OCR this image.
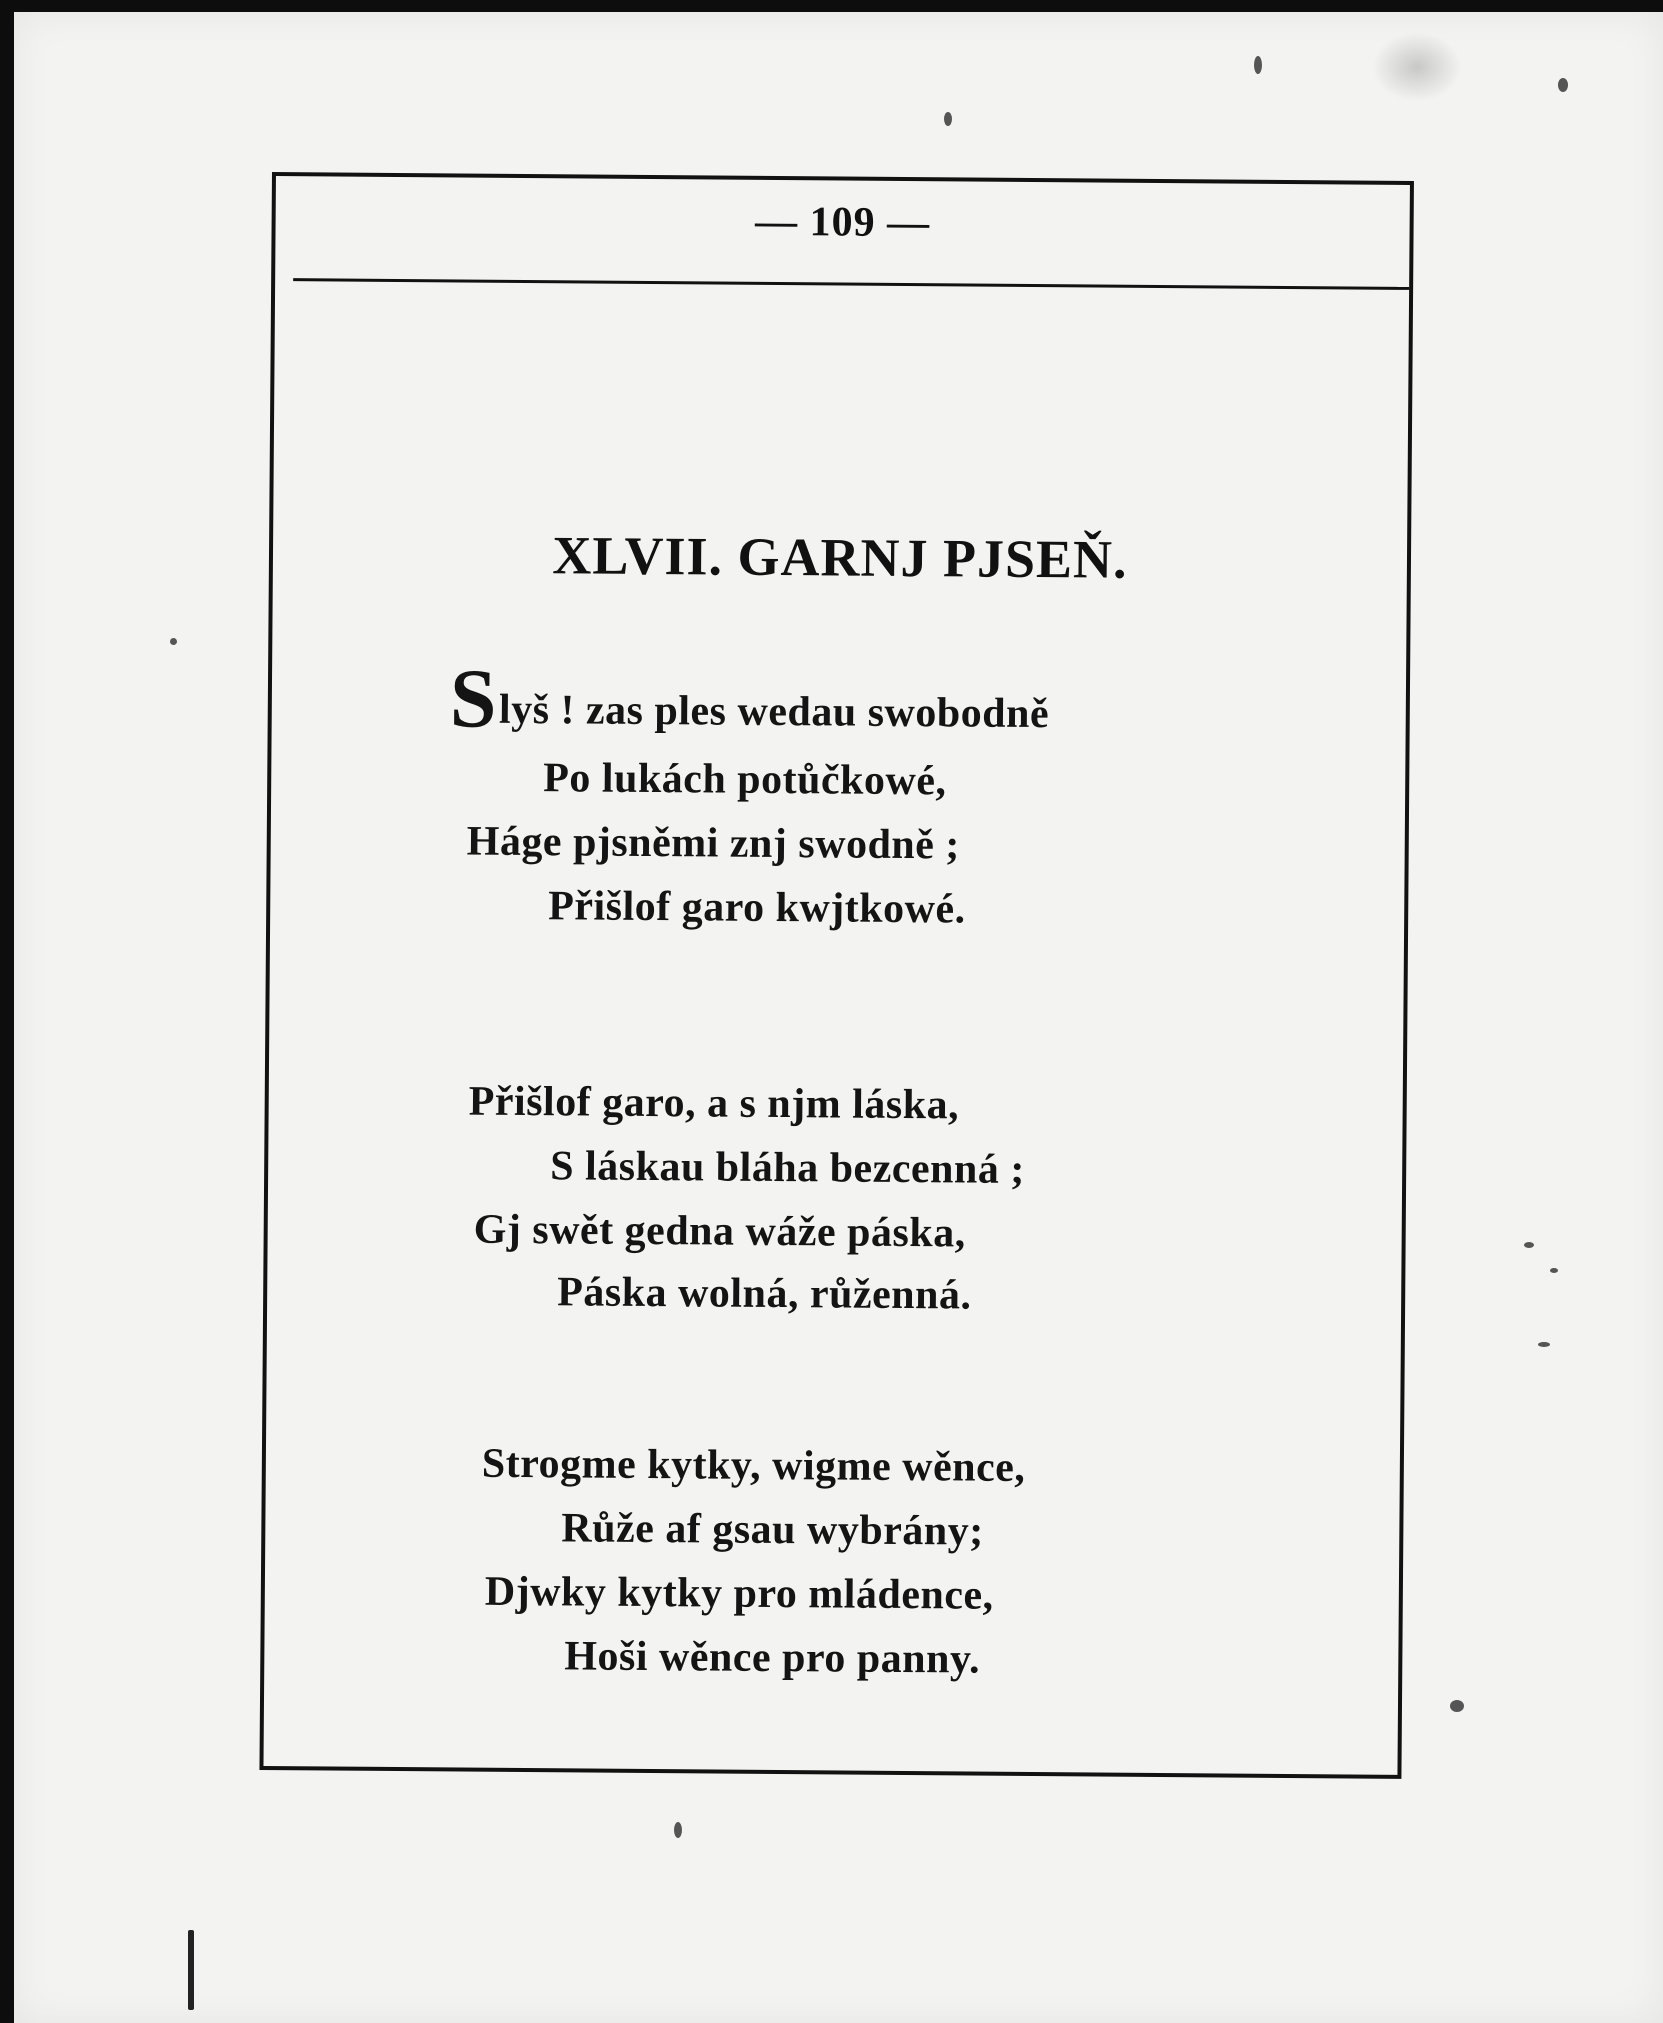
— 109 —
XLVII. GARNJ PJSEŇ.
Slyš ! zas ples wedau swobodně
Po lukách potůčkowé,
Háge pjsněmi znj swodně ;
Přišlof garo kwjtkowé.
Přišlof garo, a s njm láska,
S láskau bláha bezcenná ;
Gj swět gedna wáže páska,
Páska wolná, růženná.
Strogme kytky, wigme wěnce,
Růže af gsau wybrány;
Djwky kytky pro mládence,
Hoši wěnce pro panny.
